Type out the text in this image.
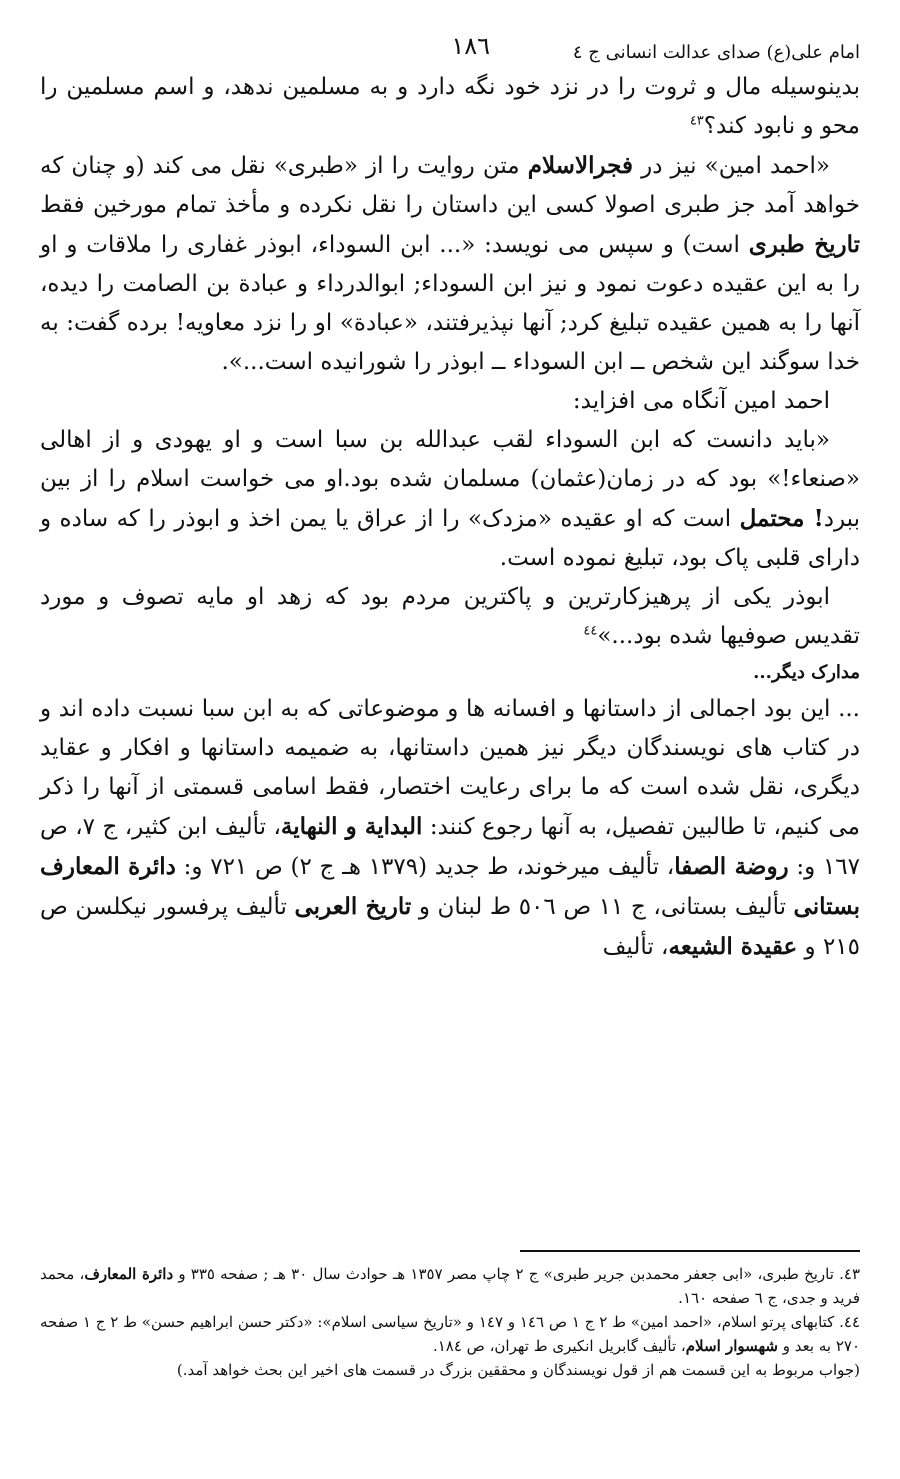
امام علی(ع) صدای عدالت انسانی ج ٤
١٨٦

بدینوسیله مال و ثروت را در نزد خود نگه دارد و به مسلمین ندهد، و اسم مسلمین را محو و نابود کند؟$^{٤٣}$

«احمد امین» نیز در فجرالاسلام متن روایت را از «طبری» نقل می کند (و چنان که خواهد آمد جز طبری اصولا کسی این داستان را نقل نکرده و مأخذ تمام مورخین فقط تاریخ طبری است) و سپس می نویسد: «... ابن السوداء، ابوذر غفاری را ملاقات و او را به این عقیده دعوت نمود و نیز ابن السوداء; ابوالدرداء و عبادة بن الصامت را دیده، آنها را به همین عقیده تبلیغ کرد; آنها نپذیرفتند، «عبادة» او را نزد معاویه! برده گفت: به خدا سوگند این شخص ــ ابن السوداء ــ ابوذر را شورانیده است...».

احمد امین آنگاه می افزاید:

«باید دانست که ابن السوداء لقب عبدالله بن سبا است و او یهودی و از اهالی «صنعاء!» بود که در زمان(عثمان) مسلمان شده بود.او می خواست اسلام را از بین ببرد! محتمل است که او عقیده «مزدک» را از عراق یا یمن اخذ و ابوذر را که ساده و دارای قلبی پاک بود، تبلیغ نموده است.

ابوذر یکی از پرهیزکارترین و پاکترین مردم بود که زهد او مایه تصوف و مورد تقدیس صوفیها شده بود...»$^{٤٤}$

مدارک دیگر...

... این بود اجمالی از داستانها و افسانه ها و موضوعاتی که به ابن سبا نسبت داده اند و در کتاب های نویسندگان دیگر نیز همین داستانها، به ضمیمه داستانها و افکار و عقاید دیگری، نقل شده است که ما برای رعایت اختصار، فقط اسامی قسمتی از آنها را ذکر می کنیم، تا طالبین تفصیل، به آنها رجوع کنند: البدایة و النهایة، تألیف ابن کثیر، ج ٧، ص ١٦٧ و: روضة الصفا، تألیف میرخوند، ط جدید (١٣٧٩ هـ ج ٢) ص ٧٢١ و: دائرة المعارف بستانی تألیف بستانی، ج ١١ ص ٥٠٦ ط لبنان و تاریخ العربی تألیف پرفسور نیکلسن ص ٢١٥ و عقیدة الشیعه، تألیف

٤٣. تاریخ طبری، «ابی جعفر محمدبن جریر طبری» ج ٢ چاپ مصر ١٣٥٧ هـ حوادث سال ٣٠ هـ ; صفحه ٣٣٥ و دائرة المعارف، محمد فرید و جدی، ج ٦ صفحه ١٦٠.

٤٤. کتابهای پرتو اسلام، «احمد امین» ط ٢ ج ١ ص ١٤٦ و ١٤٧ و «تاریخ سیاسی اسلام»: «دکتر حسن ابراهیم حسن» ط ٢ ج ١ صفحه ٢٧٠ به بعد و شهسوار اسلام، تألیف گابریل انکیری ط تهران، ص ١٨٤.

(جواب مربوط به این قسمت هم از قول نویسندگان و محققین بزرگ در قسمت های اخیر این بحث خواهد آمد.)
